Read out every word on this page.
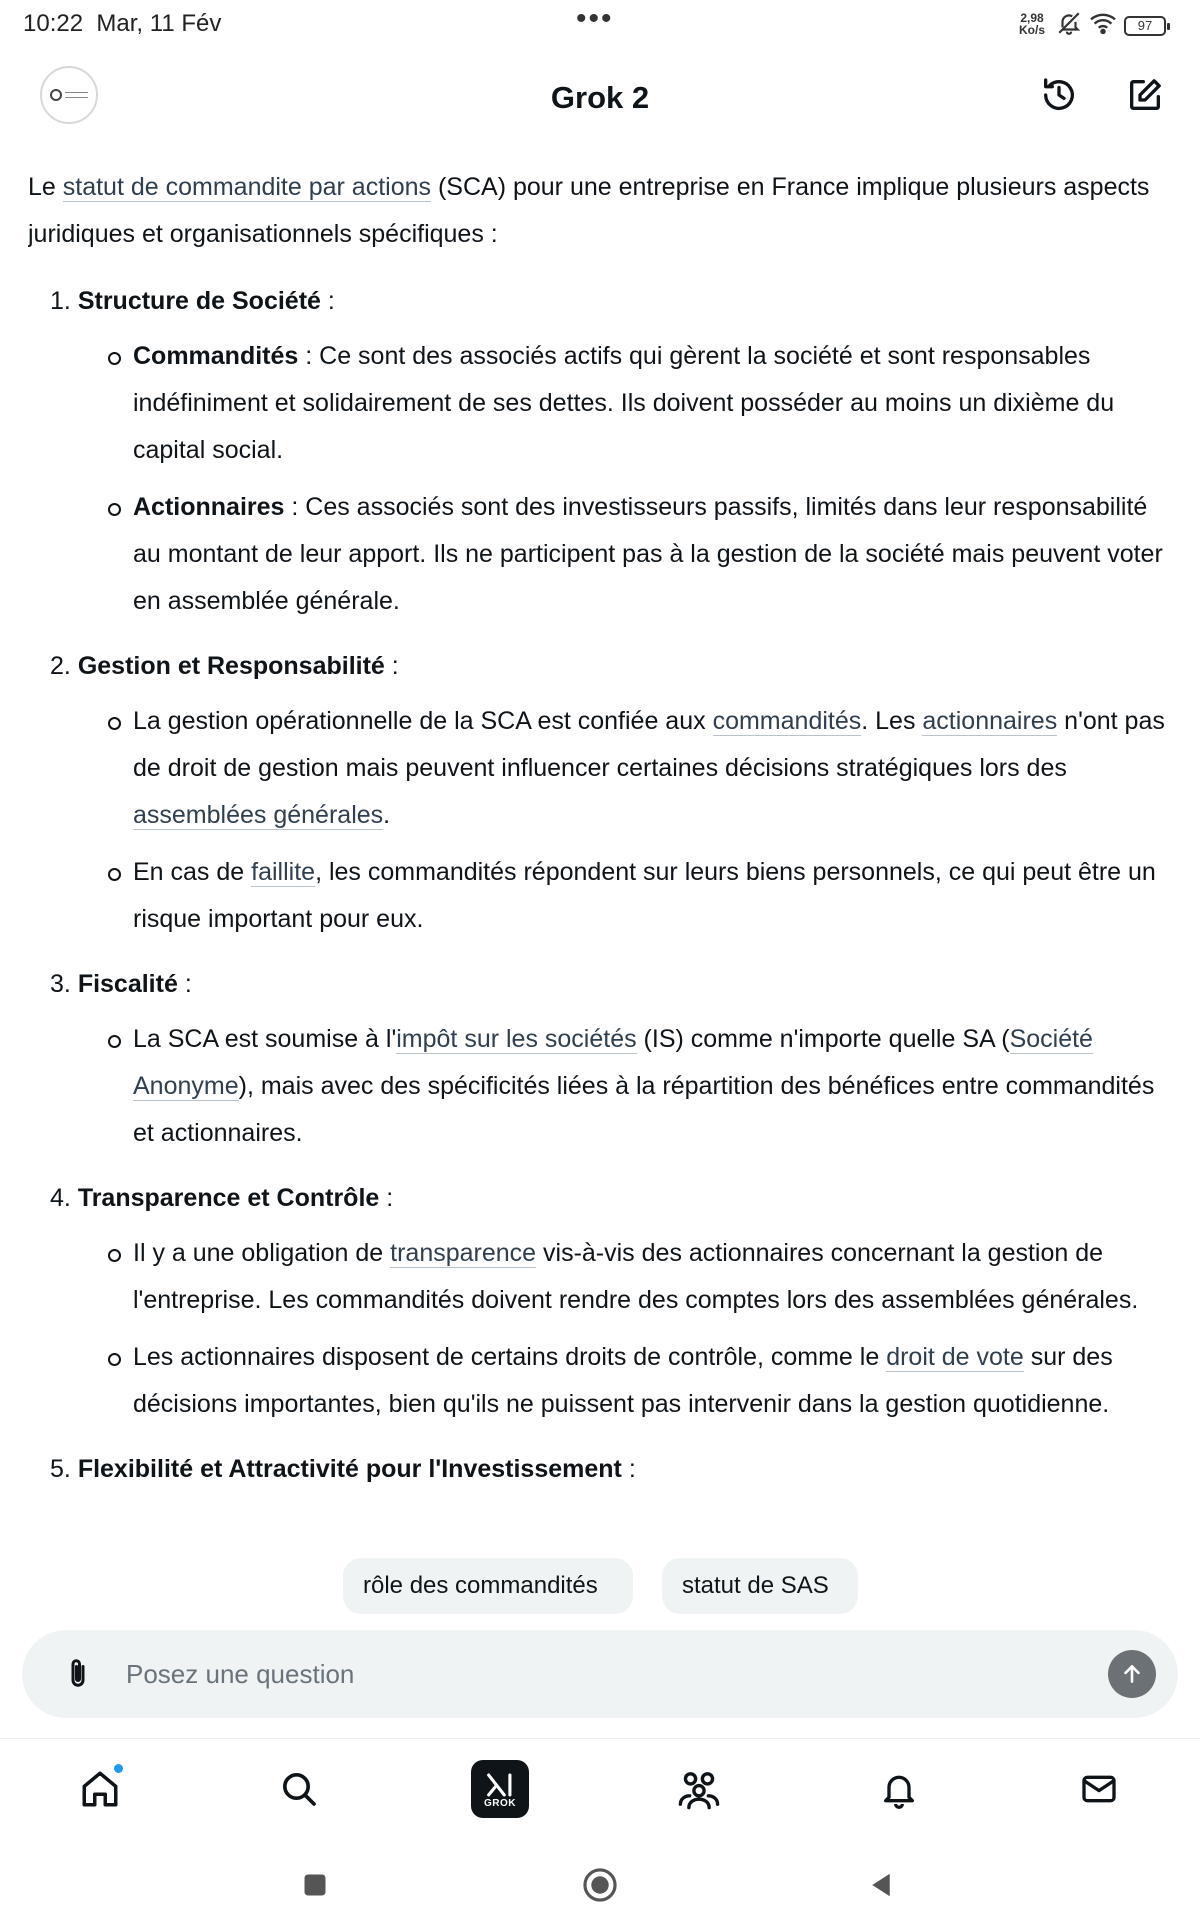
10:22 Mar, 11 Fév	•••	2,98
Ko/s	97
Grok 2

Le statut de commandite par actions (SCA) pour une entreprise en France implique plusieurs aspects juridiques et organisationnels spécifiques :

1. Structure de Société :
Commandités : Ce sont des associés actifs qui gèrent la société et sont responsables indéfiniment et solidairement de ses dettes. Ils doivent posséder au moins un dixième du capital social.
Actionnaires : Ces associés sont des investisseurs passifs, limités dans leur responsabilité au montant de leur apport. Ils ne participent pas à la gestion de la société mais peuvent voter en assemblée générale.
2. Gestion et Responsabilité :
La gestion opérationnelle de la SCA est confiée aux commandités. Les actionnaires n'ont pas de droit de gestion mais peuvent influencer certaines décisions stratégiques lors des assemblées générales.
En cas de faillite, les commandités répondent sur leurs biens personnels, ce qui peut être un risque important pour eux.
3. Fiscalité :
La SCA est soumise à l'impôt sur les sociétés (IS) comme n'importe quelle SA (Société Anonyme), mais avec des spécificités liées à la répartition des bénéfices entre commandités et actionnaires.
4. Transparence et Contrôle :
Il y a une obligation de transparence vis-à-vis des actionnaires concernant la gestion de l'entreprise. Les commandités doivent rendre des comptes lors des assemblées générales.
Les actionnaires disposent de certains droits de contrôle, comme le droit de vote sur des décisions importantes, bien qu'ils ne puissent pas intervenir dans la gestion quotidienne.
5. Flexibilité et Attractivité pour l'Investissement :
rôle des commandités	statut de SAS
Posez une question
GROK
